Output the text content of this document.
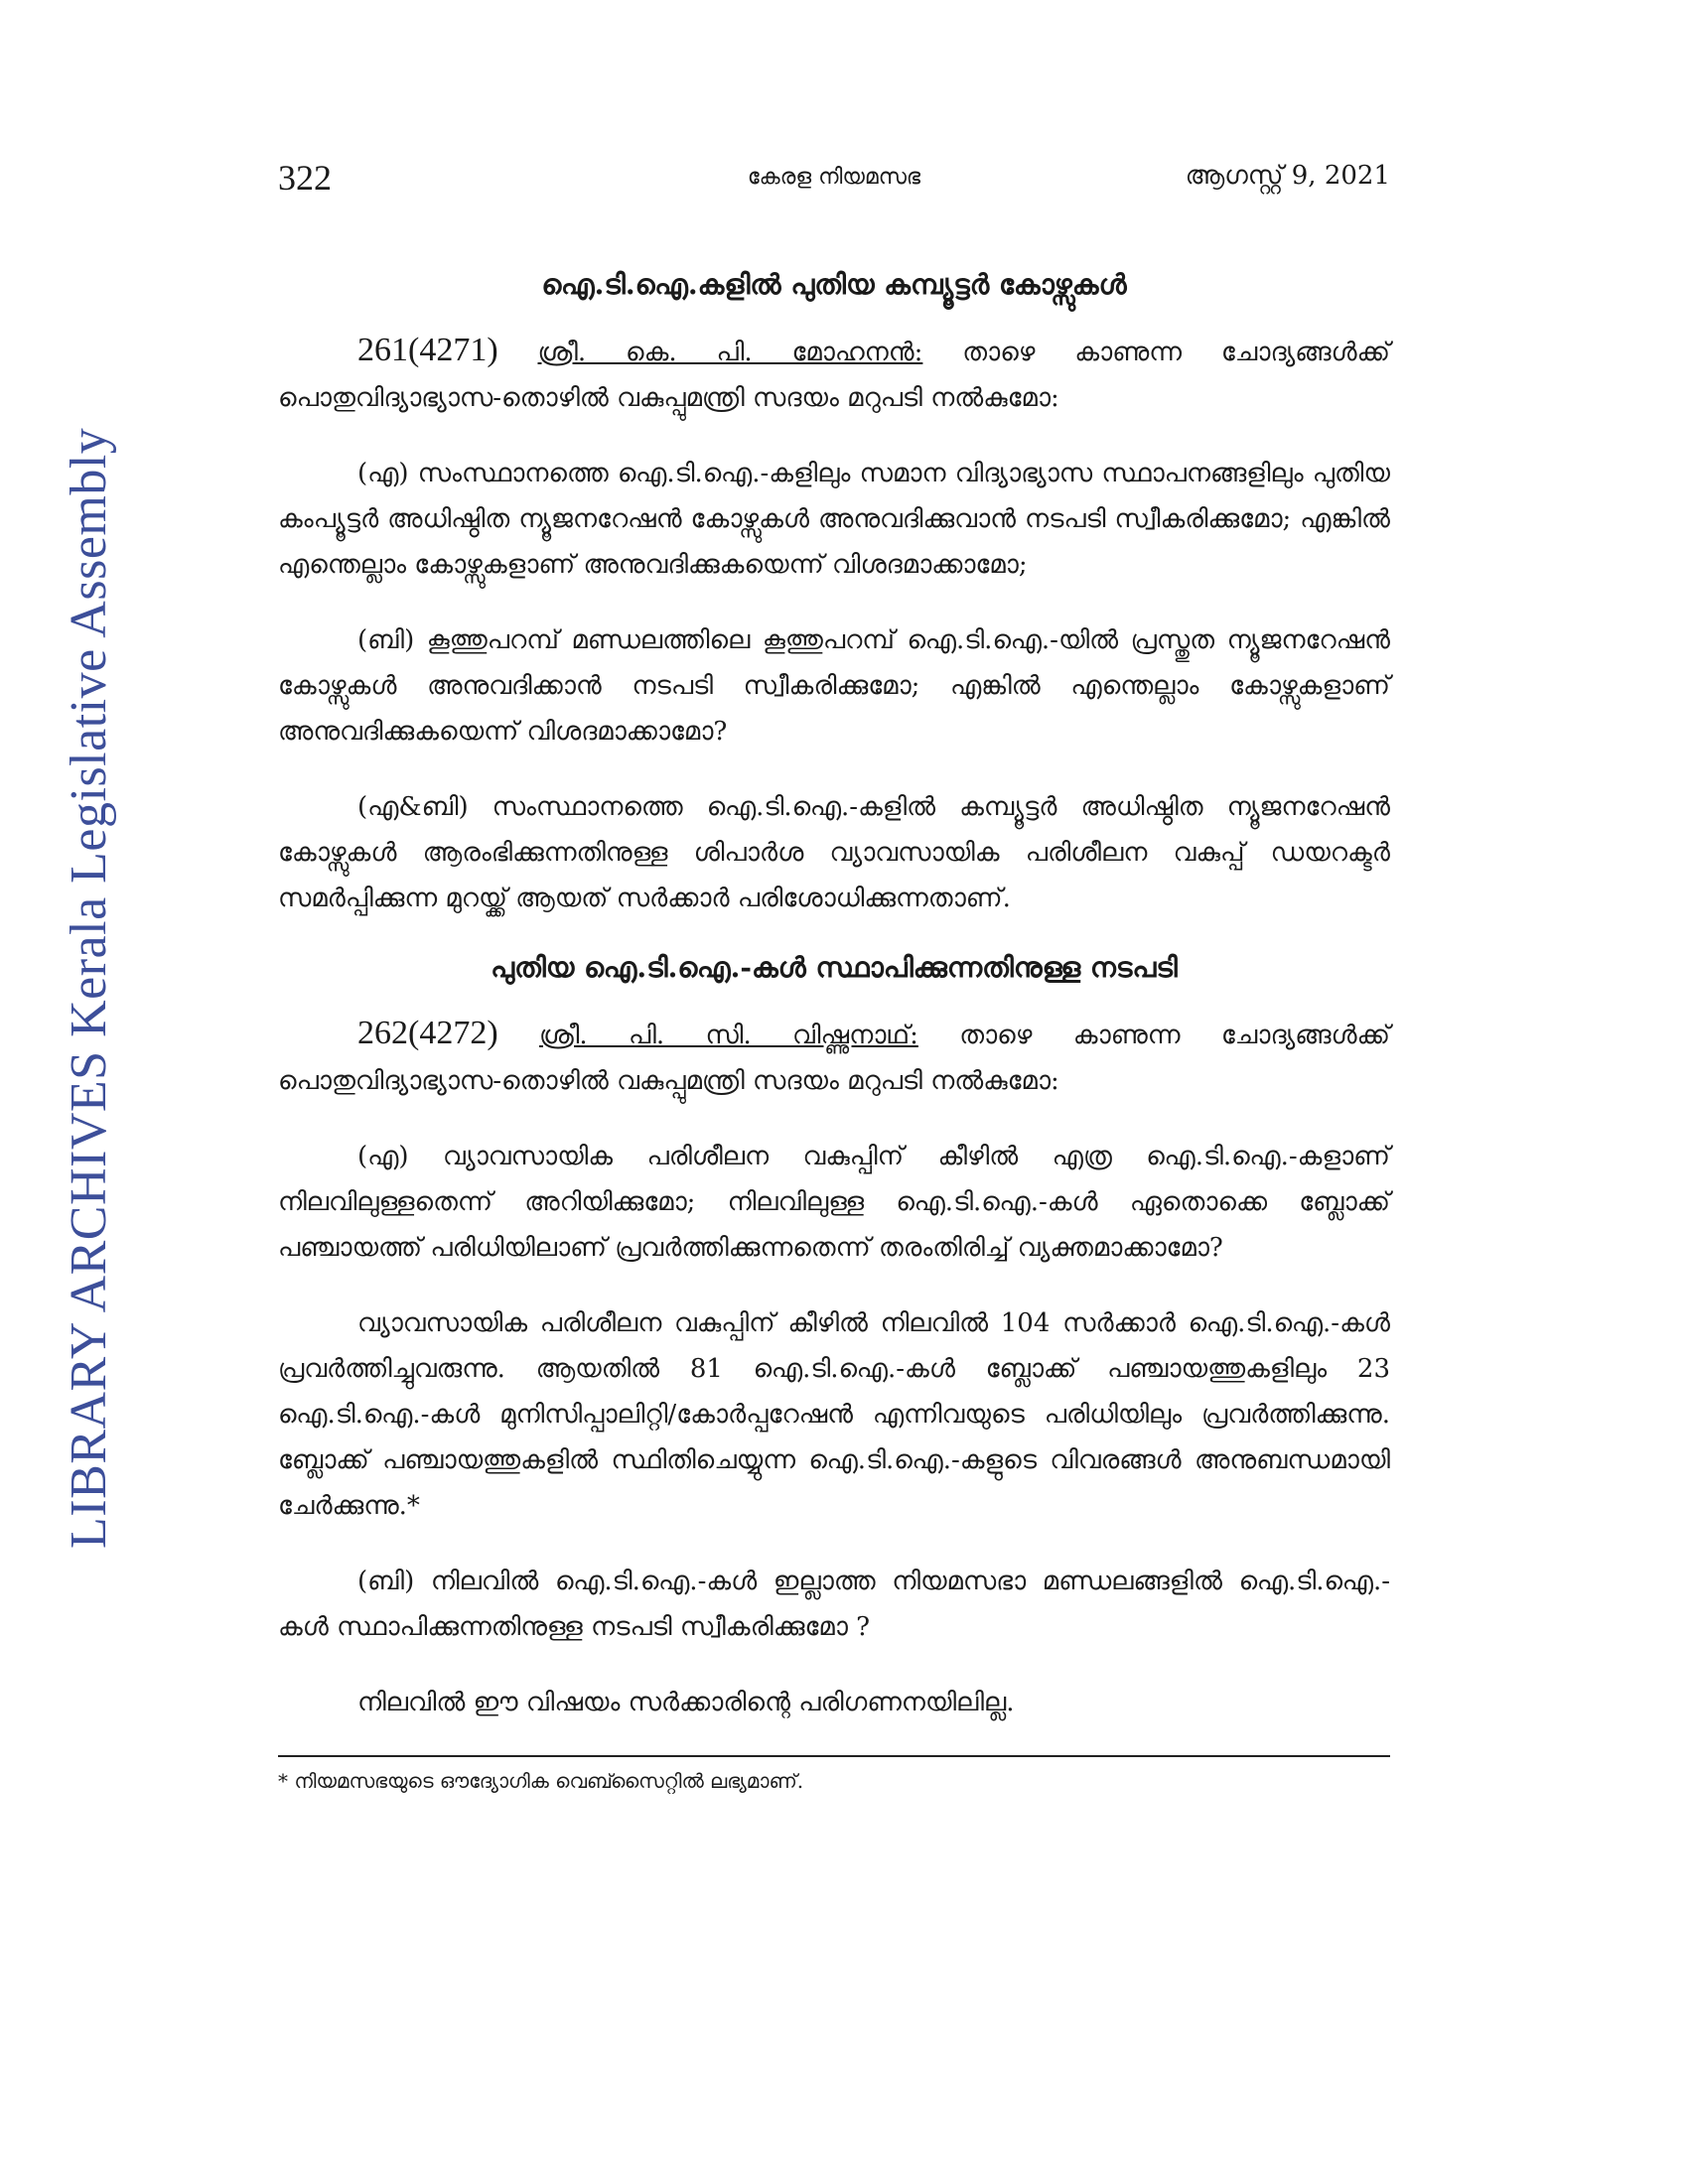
LIBRARY ARCHIVES Kerala Legislative Assembly
322	കേരള നിയമസഭ	ആഗസ്റ്റ് 9, 2021
ഐ.ടി.ഐ.കളിൽ പുതിയ കമ്പ്യൂട്ടർ കോഴ്സുകൾ

261(4271) ശ്രീ. കെ. പി. മോഹനൻ: താഴെ കാണുന്ന ചോദ്യങ്ങൾക്ക് പൊതുവിദ്യാഭ്യാസ-തൊഴിൽ വകുപ്പുമന്ത്രി സദയം മറുപടി നൽകുമോ:

(എ) സംസ്ഥാനത്തെ ഐ.ടി.ഐ.-കളിലും സമാന വിദ്യാഭ്യാസ സ്ഥാപനങ്ങളിലും പുതിയ കംപ്യൂട്ടർ അധിഷ്ഠിത ന്യൂജനറേഷൻ കോഴ്സുകൾ അനുവദിക്കുവാൻ നടപടി സ്വീകരിക്കുമോ; എങ്കിൽ എന്തെല്ലാം കോഴ്സുകളാണ് അനുവദിക്കുകയെന്ന് വിശദമാക്കാമോ;

(ബി) കൂത്തുപറമ്പ് മണ്ഡലത്തിലെ കൂത്തുപറമ്പ് ഐ.ടി.ഐ.-യിൽ പ്രസ്തുത ന്യൂജനറേഷൻ കോഴ്സുകൾ അനുവദിക്കാൻ നടപടി സ്വീകരിക്കുമോ; എങ്കിൽ എന്തെല്ലാം കോഴ്സുകളാണ് അനുവദിക്കുകയെന്ന് വിശദമാക്കാമോ?

(എ&ബി) സംസ്ഥാനത്തെ ഐ.ടി.ഐ.-കളിൽ കമ്പ്യൂട്ടർ അധിഷ്ഠിത ന്യൂജനറേഷൻ കോഴ്സുകൾ ആരംഭിക്കുന്നതിനുള്ള ശിപാർശ വ്യാവസായിക പരിശീലന വകുപ്പ് ഡയറക്ടർ സമർപ്പിക്കുന്ന മുറയ്ക്ക് ആയത് സർക്കാർ പരിശോധിക്കുന്നതാണ്.

പുതിയ ഐ.ടി.ഐ.-കൾ സ്ഥാപിക്കുന്നതിനുള്ള നടപടി

262(4272) ശ്രീ. പി. സി. വിഷ്ണുനാഥ്: താഴെ കാണുന്ന ചോദ്യങ്ങൾക്ക് പൊതുവിദ്യാഭ്യാസ-തൊഴിൽ വകുപ്പുമന്ത്രി സദയം മറുപടി നൽകുമോ:

(എ) വ്യാവസായിക പരിശീലന വകുപ്പിന് കീഴിൽ എത്ര ഐ.ടി.ഐ.-കളാണ് നിലവിലുള്ളതെന്ന് അറിയിക്കുമോ; നിലവിലുള്ള ഐ.ടി.ഐ.-കൾ ഏതൊക്കെ ബ്ലോക്ക് പഞ്ചായത്ത് പരിധിയിലാണ് പ്രവർത്തിക്കുന്നതെന്ന് തരംതിരിച്ച് വ്യക്തമാക്കാമോ?

വ്യാവസായിക പരിശീലന വകുപ്പിന് കീഴിൽ നിലവിൽ 104 സർക്കാർ ഐ.ടി.ഐ.-കൾ പ്രവർത്തിച്ചുവരുന്നു. ആയതിൽ 81 ഐ.ടി.ഐ.-കൾ ബ്ലോക്ക് പഞ്ചായത്തുകളിലും 23 ഐ.ടി.ഐ.-കൾ മുനിസിപ്പാലിറ്റി/കോർപ്പറേഷൻ എന്നിവയുടെ പരിധിയിലും പ്രവർത്തിക്കുന്നു. ബ്ലോക്ക് പഞ്ചായത്തുകളിൽ സ്ഥിതിചെയ്യുന്ന ഐ.ടി.ഐ.-കളുടെ വിവരങ്ങൾ അനുബന്ധമായി ചേർക്കുന്നു.*

(ബി) നിലവിൽ ഐ.ടി.ഐ.-കൾ ഇല്ലാത്ത നിയമസഭാ മണ്ഡലങ്ങളിൽ ഐ.ടി.ഐ.-കൾ സ്ഥാപിക്കുന്നതിനുള്ള നടപടി സ്വീകരിക്കുമോ ?

നിലവിൽ ഈ വിഷയം സർക്കാരിന്റെ പരിഗണനയിലില്ല.

* നിയമസഭയുടെ ഔദ്യോഗിക വെബ്സൈറ്റിൽ ലഭ്യമാണ്.
